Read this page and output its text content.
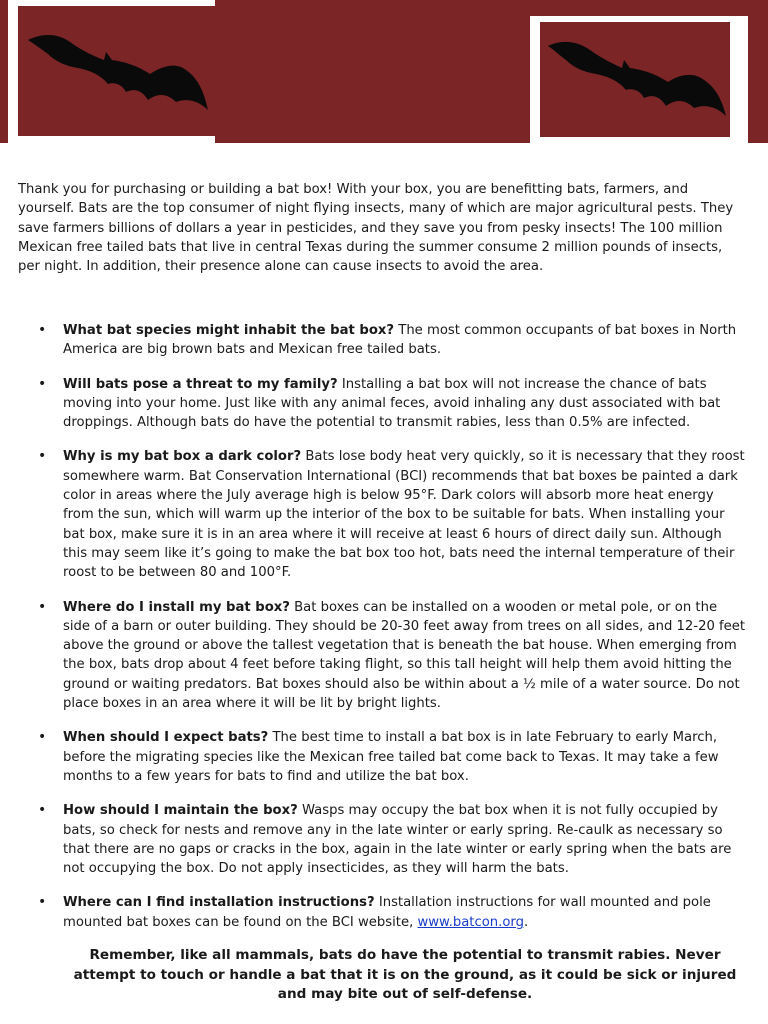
Thank you for purchasing or building a bat box! With your box, you are benefitting bats, farmers, and yourself. Bats are the top consumer of night flying insects, many of which are major agricultural pests. They save farmers billions of dollars a year in pesticides, and they save you from pesky insects! The 100 million Mexican free tailed bats that live in central Texas during the summer consume 2 million pounds of insects, per night. In addition, their presence alone can cause insects to avoid the area.

• What bat species might inhabit the bat box? The most common occupants of bat boxes in North America are big brown bats and Mexican free tailed bats.
• Will bats pose a threat to my family? Installing a bat box will not increase the chance of bats moving into your home. Just like with any animal feces, avoid inhaling any dust associated with bat droppings. Although bats do have the potential to transmit rabies, less than 0.5% are infected.
• Why is my bat box a dark color? Bats lose body heat very quickly, so it is necessary that they roost somewhere warm. Bat Conservation International (BCI) recommends that bat boxes be painted a dark color in areas where the July average high is below 95°F. Dark colors will absorb more heat energy from the sun, which will warm up the interior of the box to be suitable for bats. When installing your bat box, make sure it is in an area where it will receive at least 6 hours of direct daily sun. Although this may seem like it’s going to make the bat box too hot, bats need the internal temperature of their roost to be between 80 and 100°F.
• Where do I install my bat box? Bat boxes can be installed on a wooden or metal pole, or on the side of a barn or outer building. They should be 20-30 feet away from trees on all sides, and 12-20 feet above the ground or above the tallest vegetation that is beneath the bat house. When emerging from the box, bats drop about 4 feet before taking flight, so this tall height will help them avoid hitting the ground or waiting predators. Bat boxes should also be within about a ½ mile of a water source. Do not place boxes in an area where it will be lit by bright lights.
• When should I expect bats? The best time to install a bat box is in late February to early March, before the migrating species like the Mexican free tailed bat come back to Texas. It may take a few months to a few years for bats to find and utilize the bat box.
• How should I maintain the box? Wasps may occupy the bat box when it is not fully occupied by bats, so check for nests and remove any in the late winter or early spring. Re-caulk as necessary so that there are no gaps or cracks in the box, again in the late winter or early spring when the bats are not occupying the box. Do not apply insecticides, as they will harm the bats.
• Where can I find installation instructions? Installation instructions for wall mounted and pole mounted bat boxes can be found on the BCI website, www.batcon.org.

Remember, like all mammals, bats do have the potential to transmit rabies. Never attempt to touch or handle a bat that it is on the ground, as it could be sick or injured and may bite out of self-defense.
